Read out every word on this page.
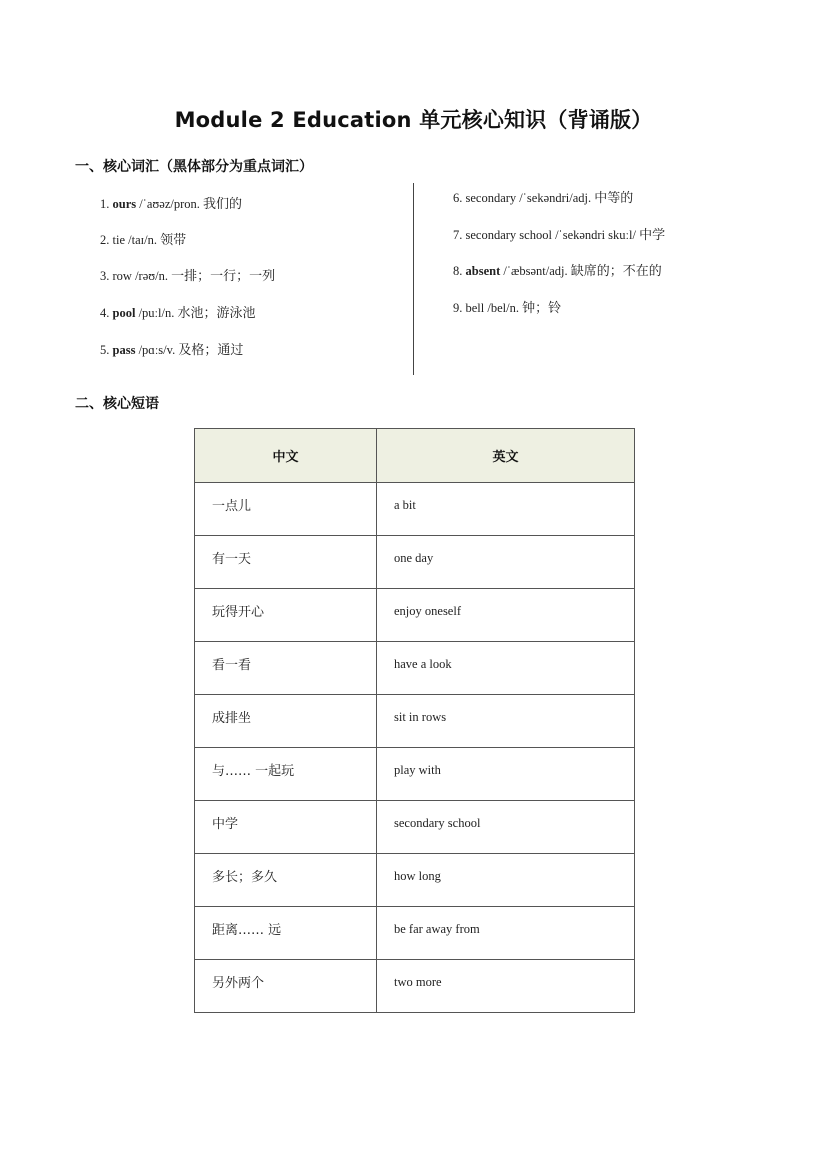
Module 2 Education 单元核心知识（背诵版）
一、核心词汇（黑体部分为重点词汇）
1. ours /ˈaʊəz/pron. 我们的
2. tie /taɪ/n. 领带
3. row /rəʊ/n. 一排；一行；一列
4. pool /puːl/n. 水池；游泳池
5. pass /pɑːs/v. 及格；通过
6. secondary /ˈsekəndri/adj. 中等的
7. secondary school /ˈsekəndri skuːl/ 中学
8. absent /ˈæbsənt/adj. 缺席的；不在的
9. bell /bel/n. 钟；铃
二、核心短语
中文	英文
一点儿	a bit
有一天	one day
玩得开心	enjoy oneself
看一看	have a look
成排坐	sit in rows
与…… 一起玩	play with
中学	secondary school
多长；多久	how long
距离…… 远	be far away from
另外两个	two more
